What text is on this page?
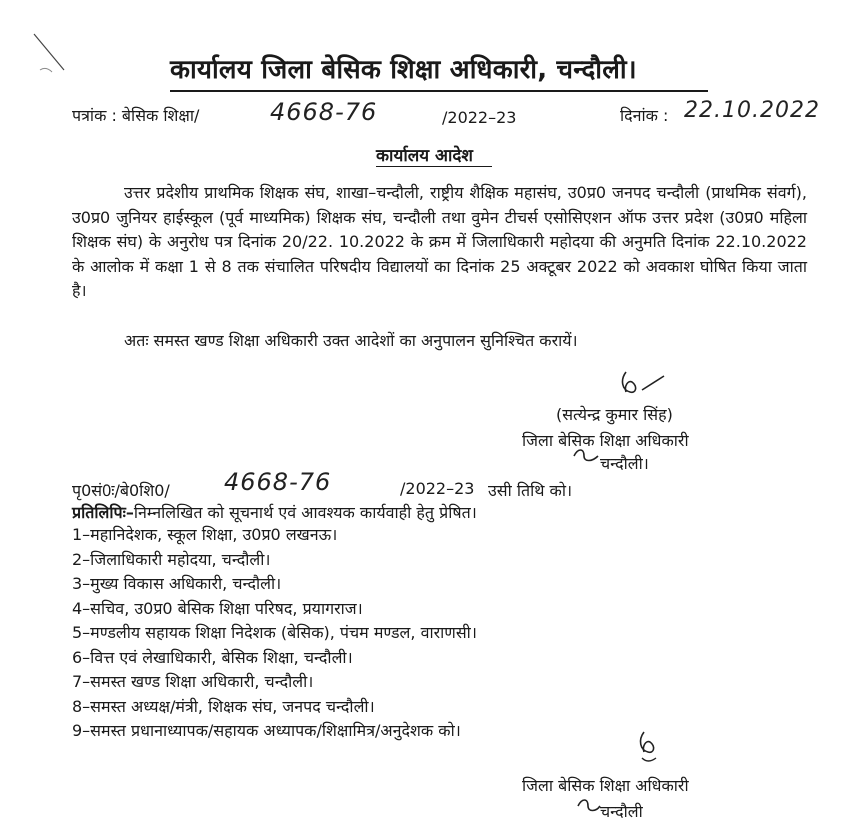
कार्यालय जिला बेसिक शिक्षा अधिकारी, चन्दौली।
पत्रांक : बेसिक शिक्षा/	4668-76	/2022–23	दिनांक : 22.10.2022
कार्यालय आदेश
उत्तर प्रदेशीय प्राथमिक शिक्षक संघ, शाखा–चन्दौली, राष्ट्रीय शैक्षिक महासंघ, उ0प्र0 जनपद चन्दौली (प्राथमिक संवर्ग), उ0प्र0 जुनियर हाईस्कूल (पूर्व माध्यमिक) शिक्षक संघ, चन्दौली तथा वुमेन टीचर्स एसोसिएशन ऑफ उत्तर प्रदेश (उ0प्र0 महिला शिक्षक संघ) के अनुरोध पत्र दिनांक 20/22. 10.2022 के क्रम में जिलाधिकारी महोदया की अनुमति दिनांक 22.10.2022 के आलोक में कक्षा 1 से 8 तक संचालित परिषदीय विद्यालयों का दिनांक 25 अक्टूबर 2022 को अवकाश घोषित किया जाता है।
अतः समस्त खण्ड शिक्षा अधिकारी उक्त आदेशों का अनुपालन सुनिश्चित करायें।
(सत्येन्द्र कुमार सिंह)
जिला बेसिक शिक्षा अधिकारी
चन्दौली।
पृ0सं0ः/बे0शि0/ 4668-76	/2022–23 उसी तिथि को।
प्रतिलिपिः–निम्नलिखित को सूचनार्थ एवं आवश्यक कार्यवाही हेतु प्रेषित।
1–महानिदेशक, स्कूल शिक्षा, उ0प्र0 लखनऊ।
2–जिलाधिकारी महोदया, चन्दौली।
3–मुख्य विकास अधिकारी, चन्दौली।
4–सचिव, उ0प्र0 बेसिक शिक्षा परिषद, प्रयागराज।
5–मण्डलीय सहायक शिक्षा निदेशक (बेसिक), पंचम मण्डल, वाराणसी।
6–वित्त एवं लेखाधिकारी, बेसिक शिक्षा, चन्दौली।
7–समस्त खण्ड शिक्षा अधिकारी, चन्दौली।
8–समस्त अध्यक्ष/मंत्री, शिक्षक संघ, जनपद चन्दौली।
9–समस्त प्रधानाध्यापक/सहायक अध्यापक/शिक्षामित्र/अनुदेशक को।
जिला बेसिक शिक्षा अधिकारी
चन्दौली
